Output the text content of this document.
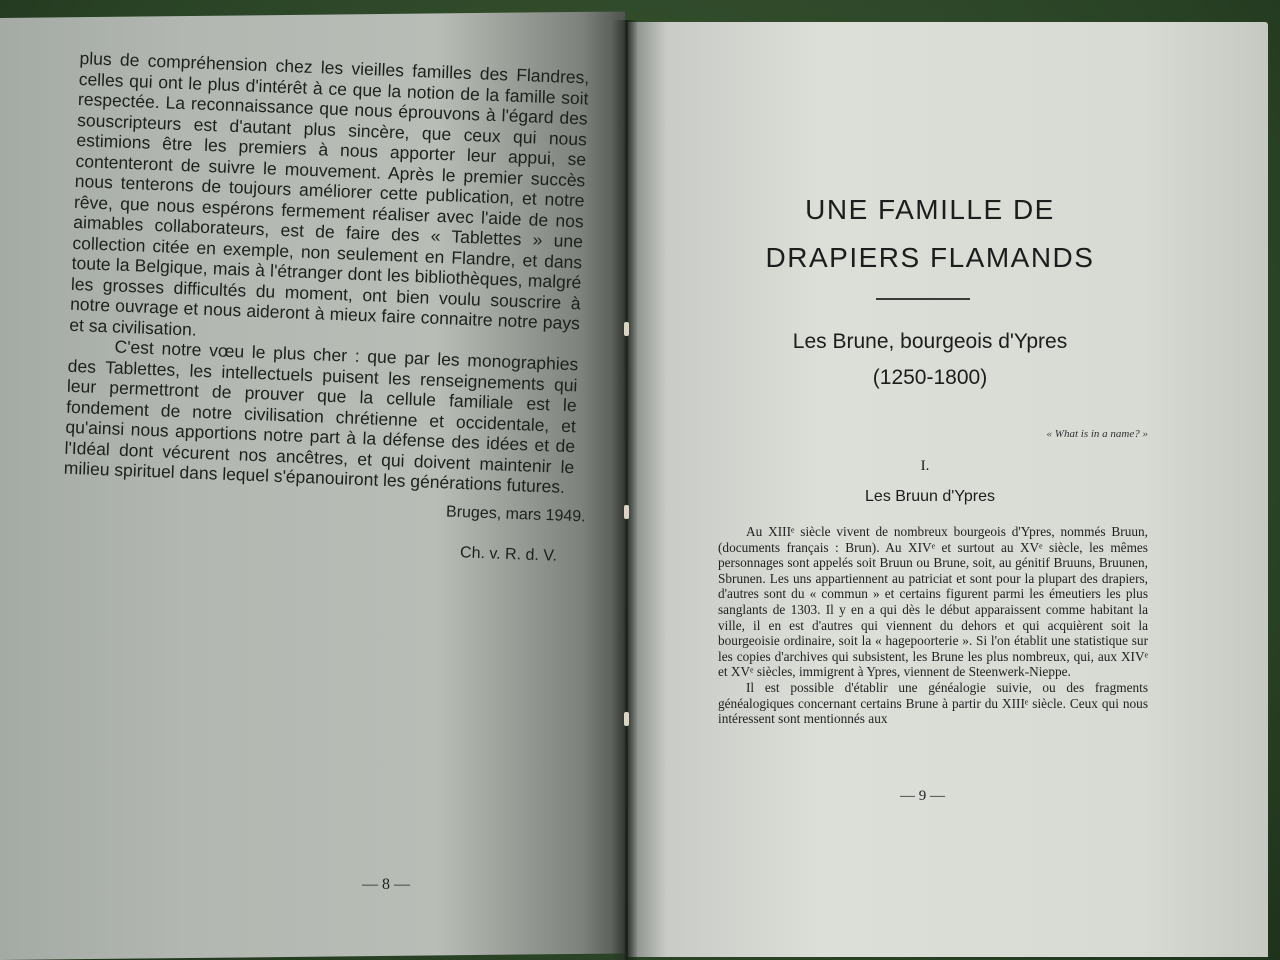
plus de compréhension chez les vieilles familles des Flandres, celles qui ont le plus d'intérêt à ce que la notion de la famille soit respectée. La reconnaissance que nous éprouvons à l'égard des souscripteurs est d'autant plus sincère, que ceux qui nous estimions être les premiers à nous apporter leur appui, se contenteront de suivre le mouvement. Après le premier succès nous tenterons de toujours améliorer cette publication, et notre rêve, que nous espérons fermement réaliser avec l'aide de nos aimables collaborateurs, est de faire des « Tablettes » une collection citée en exemple, non seulement en Flandre, et dans toute la Belgique, mais à l'étranger dont les bibliothèques, malgré les grosses difficultés du moment, ont bien voulu souscrire à notre ouvrage et nous aideront à mieux faire connaitre notre pays et sa civilisation.

C'est notre vœu le plus cher : que par les monographies des Tablettes, les intellectuels puisent les renseignements qui leur permettront de prouver que la cellule familiale est le fondement de notre civilisation chrétienne et occidentale, et qu'ainsi nous apportions notre part à la défense des idées et de l'Idéal dont vécurent nos ancêtres, et qui doivent maintenir le milieu spirituel dans lequel s'épanouiront les générations futures.

Bruges, mars 1949.
Ch. v. R. d. V.
— 8 —
UNE FAMILLE DE
DRAPIERS FLAMANDS
Les Brune, bourgeois d'Ypres
(1250-1800)
« What is in a name? »
I.
Les Bruun d'Ypres

Au XIIIᵉ siècle vivent de nombreux bourgeois d'Ypres, nommés Bruun, (documents français : Brun). Au XIVᵉ et surtout au XVᵉ siècle, les mêmes personnages sont appelés soit Bruun ou Brune, soit, au génitif Bruuns, Bruunen, Sbrunen. Les uns appartiennent au patriciat et sont pour la plupart des drapiers, d'autres sont du « commun » et certains figurent parmi les émeutiers les plus sanglants de 1303. Il y en a qui dès le début apparaissent comme habitant la ville, il en est d'autres qui viennent du dehors et qui acquièrent soit la bourgeoisie ordinaire, soit la « hagepoorterie ». Si l'on établit une statistique sur les copies d'archives qui subsistent, les Brune les plus nombreux, qui, aux XIVᵉ et XVᵉ siècles, immigrent à Ypres, viennent de Steenwerk-Nieppe.

Il est possible d'établir une généalogie suivie, ou des fragments généalogiques concernant certains Brune à partir du XIIIᵉ siècle. Ceux qui nous intéressent sont mentionnés aux

— 9 —
